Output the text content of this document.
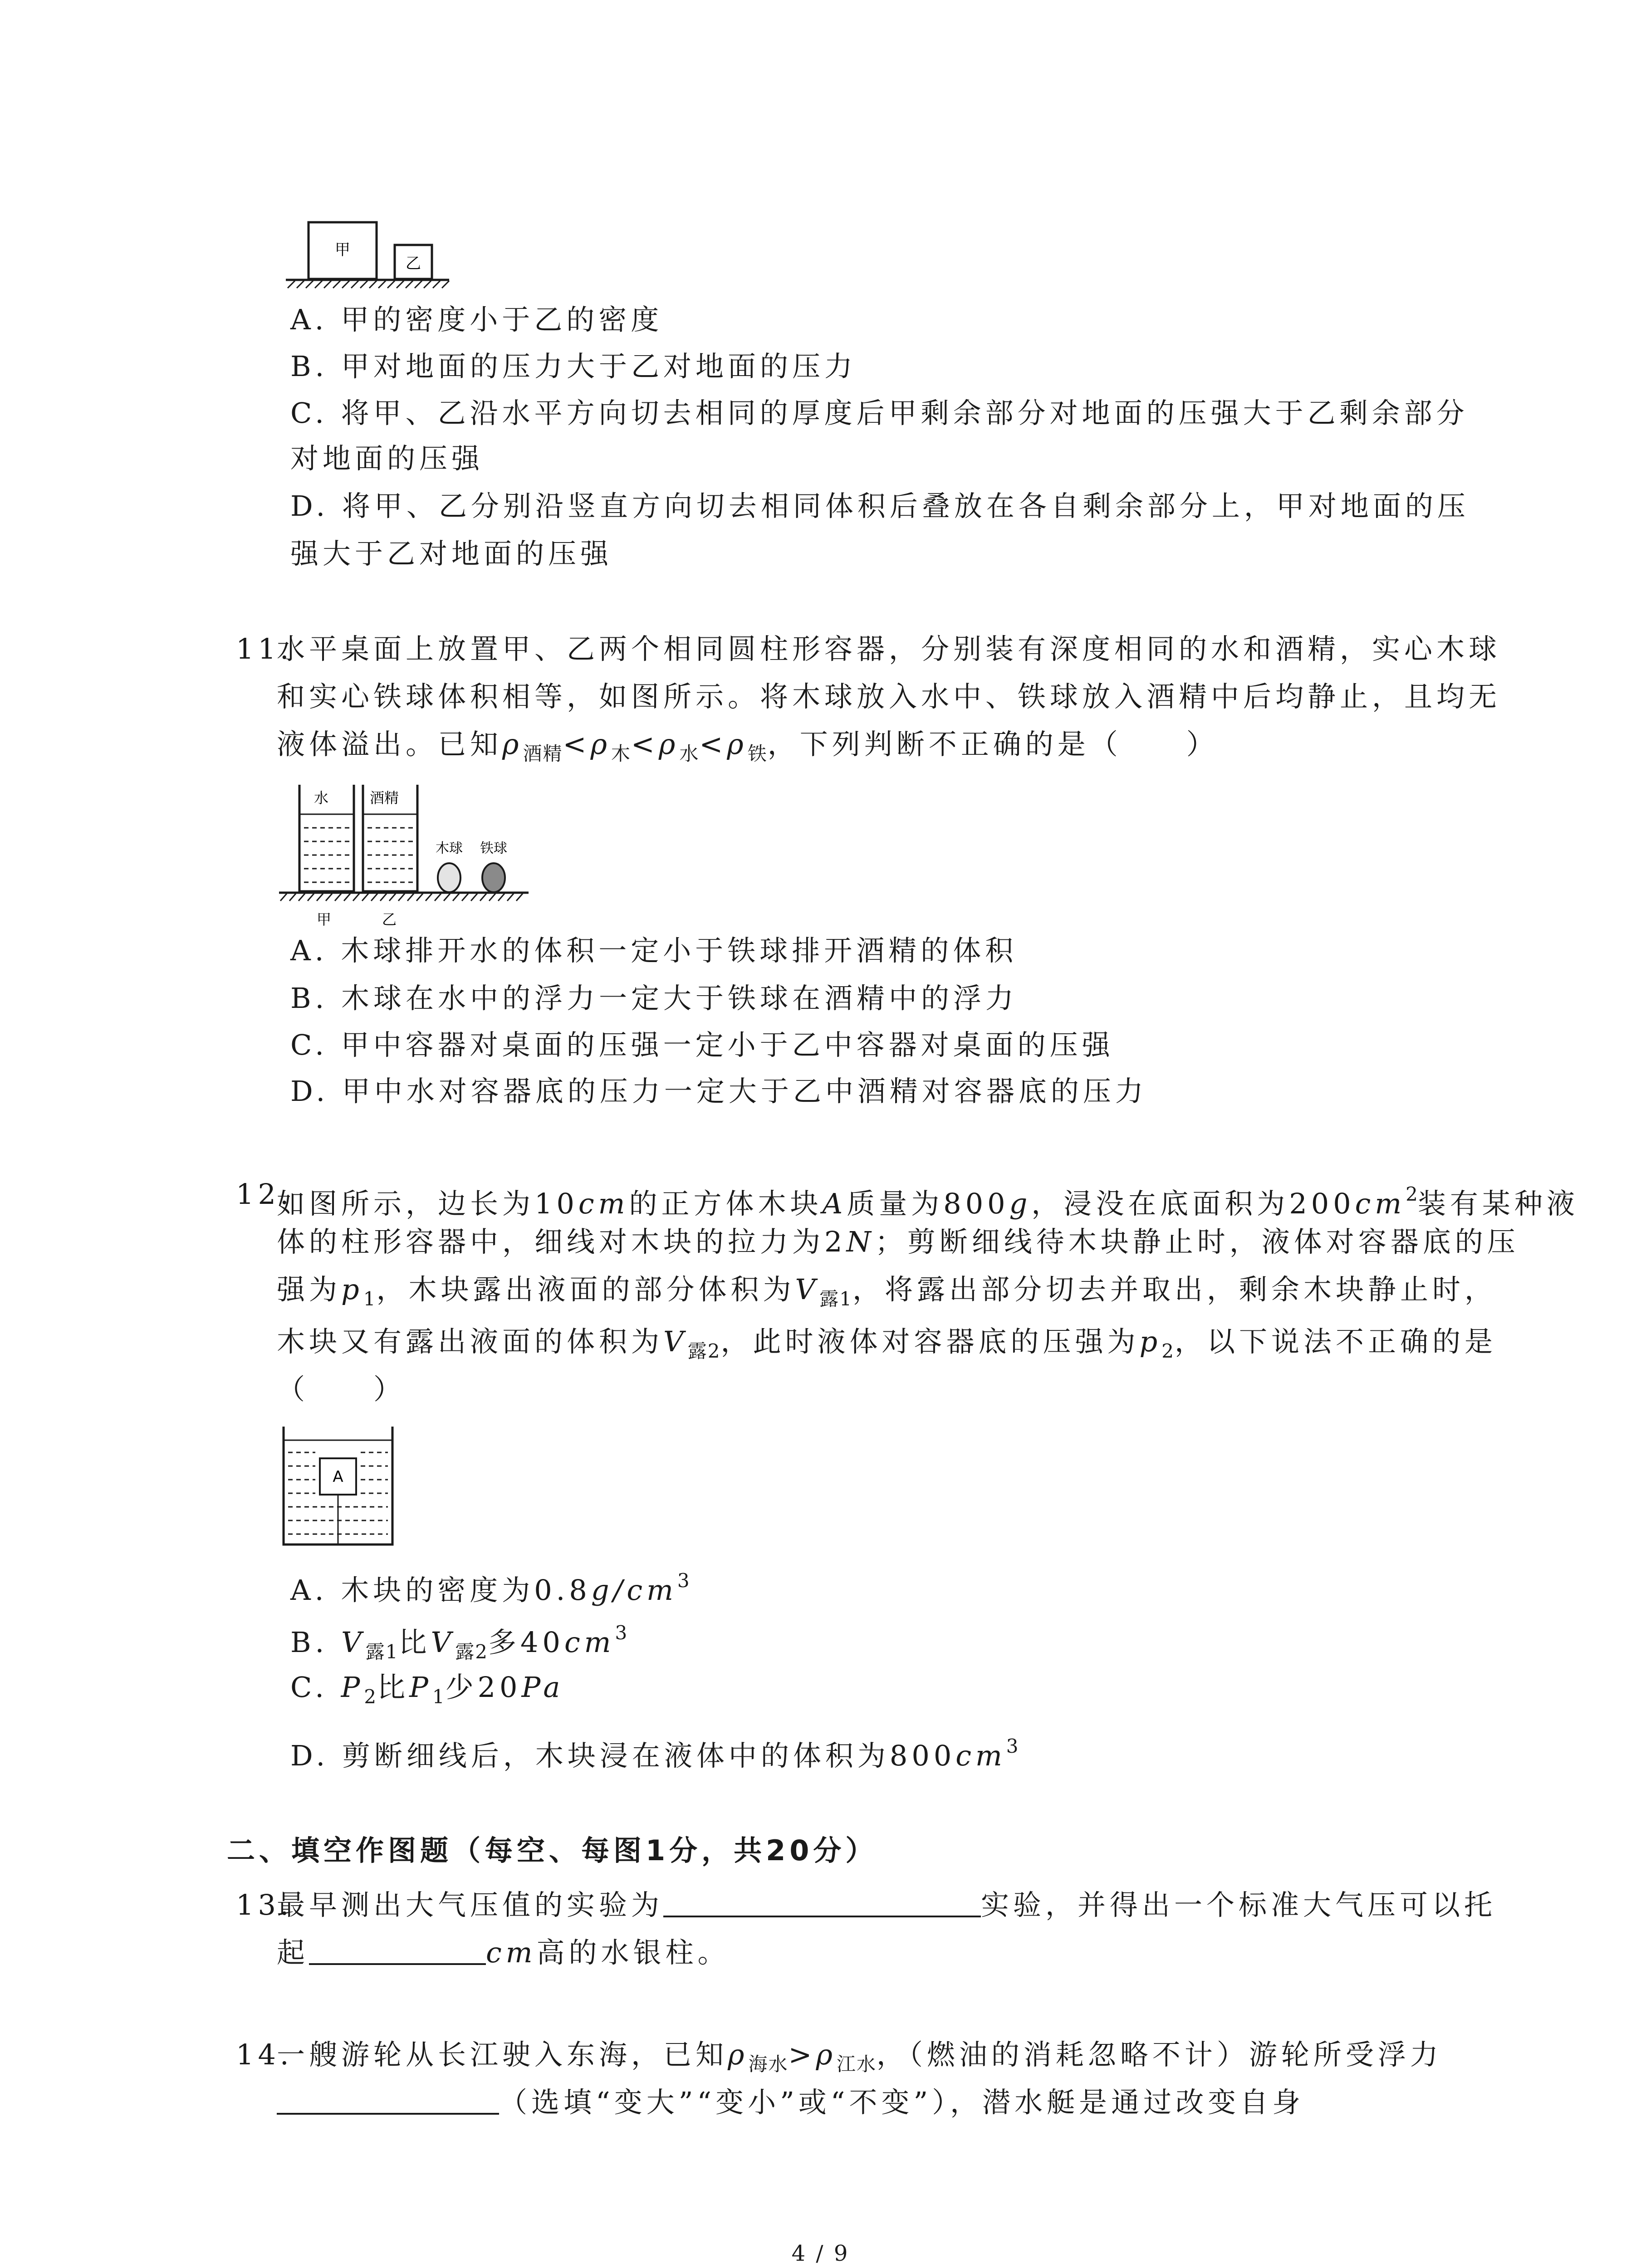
甲
乙
A. 甲的密度小于乙的密度
B. 甲对地面的压力大于乙对地面的压力
C. 将甲、乙沿水平方向切去相同的厚度后甲剩余部分对地面的压强大于乙剩余部分
对地面的压强
D. 将甲、乙分别沿竖直方向切去相同体积后叠放在各自剩余部分上，甲对地面的压
强大于乙对地面的压强
11.
水平桌面上放置甲、乙两个相同圆柱形容器，分别装有深度相同的水和酒精，实心木球
和实心铁球体积相等，如图所示。将木球放入水中、铁球放入酒精中后均静止，且均无
液体溢出。已知$\rho_{酒精}<\rho_木<\rho_水<\rho_铁$，下列判断不正确的是（　　）
水	酒精
木球 铁球
甲	乙
A. 木球排开水的体积一定小于铁球排开酒精的体积
B. 木球在水中的浮力一定大于铁球在酒精中的浮力
C. 甲中容器对桌面的压强一定小于乙中容器对桌面的压强
D. 甲中水对容器底的压力一定大于乙中酒精对容器底的压力
12.
如图所示，边长为10cm的正方体木块A质量为800g，浸没在底面积为$200cm^2$装有某种液
体的柱形容器中，细线对木块的拉力为2N；剪断细线待木块静止时，液体对容器底的压
强为$p_1$，木块露出液面的部分体积为$V_{露1}$，将露出部分切去并取出，剩余木块静止时，
木块又有露出液面的体积为$V_{露2}$，此时液体对容器底的压强为$p_2$，以下说法不正确的是
（　　）
A
A. 木块的密度为$0.8g/cm^3$
B. $V_{露1}$比$V_{露2}$多$40cm^3$
C. $P_2$比$P_1$少20Pa
D. 剪断细线后，木块浸在液体中的体积为$800cm^3$
二、填空作图题（每空、每图1分，共20分）
13.
最早测出大气压值的实验为	实验，并得出一个标准大气压可以托
起	cm高的水银柱。
14.
一艘游轮从长江驶入东海，已知$\rho_{海水}>\rho_{江水}$，（燃油的消耗忽略不计）游轮所受浮力
（选填“变大”“变小”或“不变”），潜水艇是通过改变自身
4 / 9
